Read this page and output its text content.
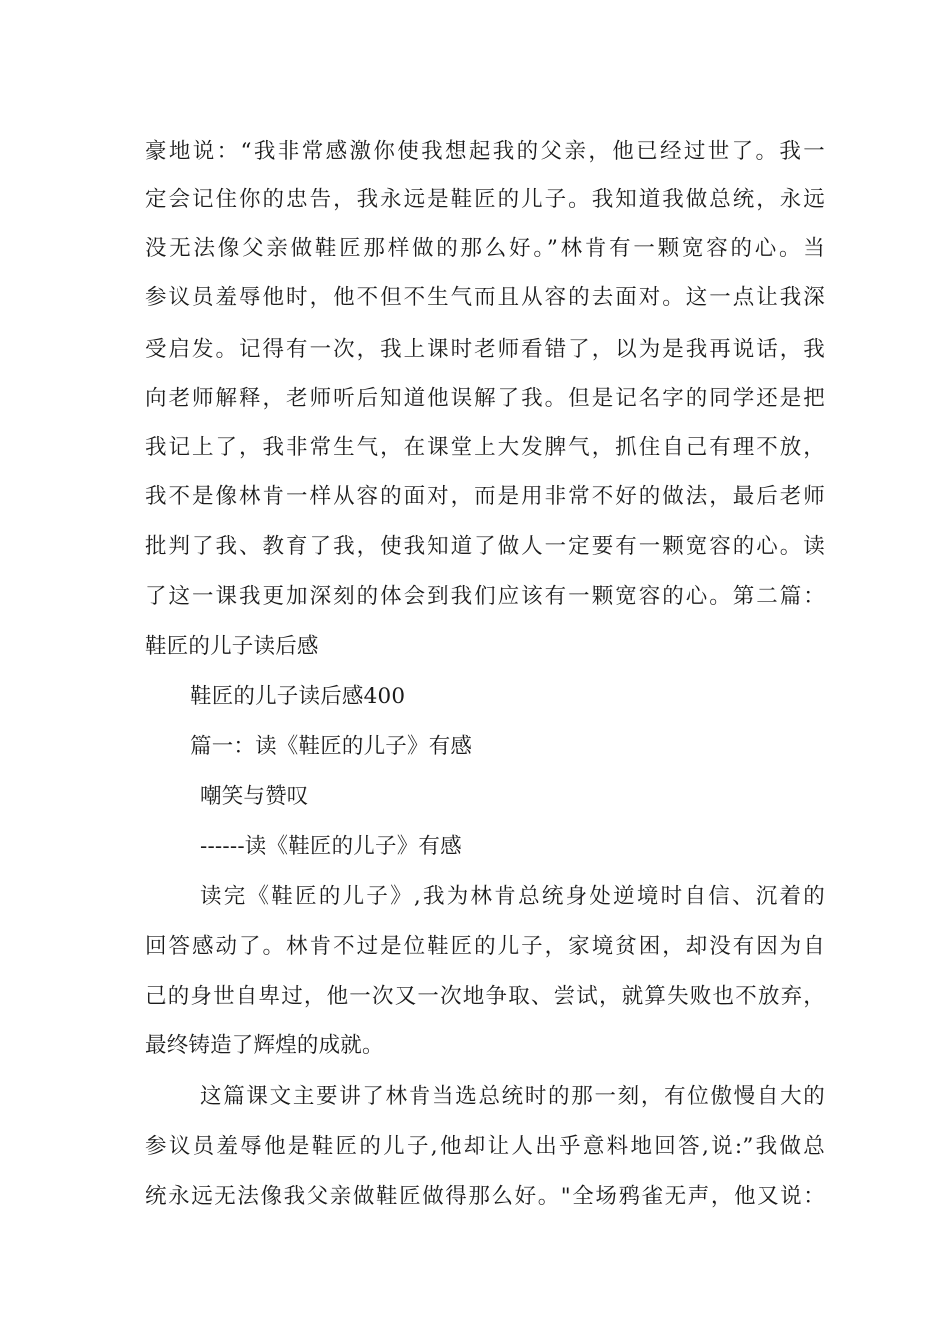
豪地说：“我非常感激你使我想起我的父亲，他已经过世了。我一
定会记住你的忠告，我永远是鞋匠的儿子。我知道我做总统，永远
没无法像父亲做鞋匠那样做的那么好。”林肯有一颗宽容的心。当
参议员羞辱他时，他不但不生气而且从容的去面对。这一点让我深
受启发。记得有一次，我上课时老师看错了，以为是我再说话，我
向老师解释，老师听后知道他误解了我。但是记名字的同学还是把
我记上了，我非常生气，在课堂上大发脾气，抓住自己有理不放，
我不是像林肯一样从容的面对，而是用非常不好的做法，最后老师
批判了我、教育了我，使我知道了做人一定要有一颗宽容的心。读
了这一课我更加深刻的体会到我们应该有一颗宽容的心。第二篇：
鞋匠的儿子读后感
鞋匠的儿子读后感400
篇一：读《鞋匠的儿子》有感
嘲笑与赞叹
------读《鞋匠的儿子》有感
读完《鞋匠的儿子》,我为林肯总统身处逆境时自信、沉着的
回答感动了。林肯不过是位鞋匠的儿子，家境贫困，却没有因为自
己的身世自卑过，他一次又一次地争取、尝试，就算失败也不放弃，
最终铸造了辉煌的成就。
这篇课文主要讲了林肯当选总统时的那一刻，有位傲慢自大的
参议员羞辱他是鞋匠的儿子,他却让人出乎意料地回答,说:”我做总
统永远无法像我父亲做鞋匠做得那么好。"全场鸦雀无声，他又说：
